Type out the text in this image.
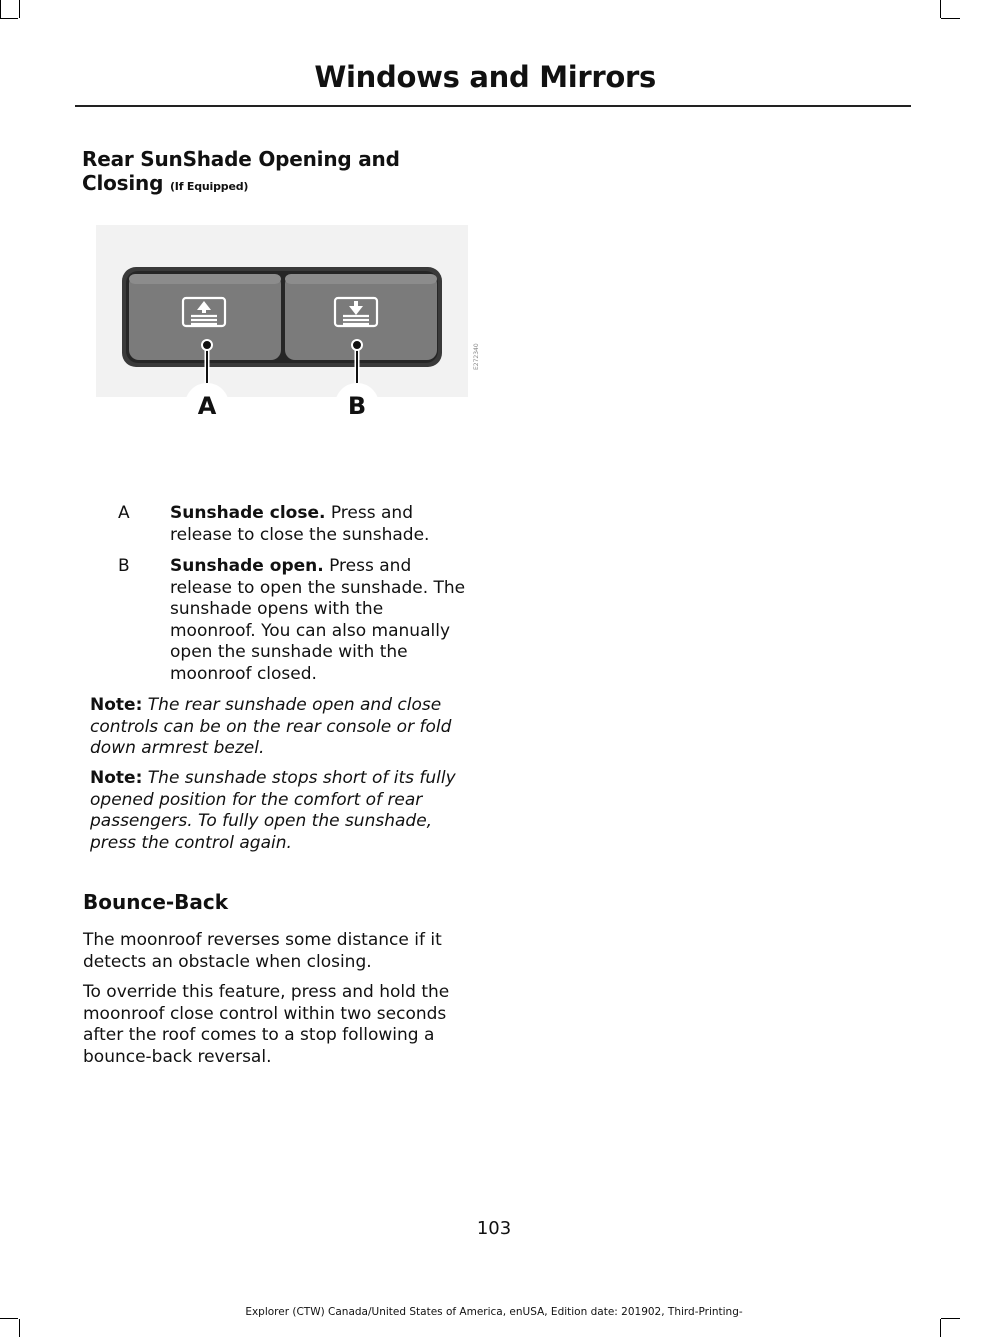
Windows and Mirrors
Rear SunShade Opening and
Closing (If Equipped)
A	B
E272340
A Sunshade close. Press and release to close the sunshade.
B Sunshade open. Press and release to open the sunshade. The sunshade opens with the moonroof. You can also manually open the sunshade with the moonroof closed.
Note: The rear sunshade open and close controls can be on the rear console or fold down armrest bezel.
Note: The sunshade stops short of its fully opened position for the comfort of rear passengers. To fully open the sunshade, press the control again.
Bounce-Back
The moonroof reverses some distance if it detects an obstacle when closing.
To override this feature, press and hold the moonroof close control within two seconds after the roof comes to a stop following a bounce-back reversal.
103
Explorer (CTW) Canada/United States of America, enUSA, Edition date: 201902, Third-Printing-
